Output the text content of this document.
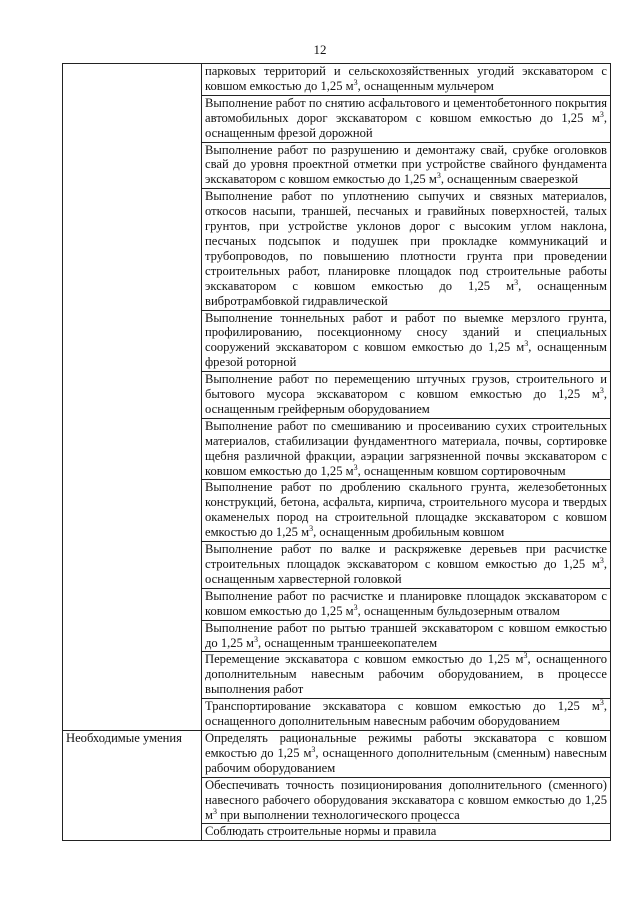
12

	парковых территорий и сельскохозяйственных угодий экскаватором с ковшом емкостью до 1,25 $м^3$, оснащенным мульчером

	Выполнение работ по снятию асфальтового и цементобетонного покрытия автомобильных дорог экскаватором с ковшом емкостью до 1,25 $м^3$, оснащенным фрезой дорожной

	Выполнение работ по разрушению и демонтажу свай, срубке оголовков свай до уровня проектной отметки при устройстве свайного фундамента экскаватором с ковшом емкостью до 1,25 $м^3$, оснащенным сваерезкой

	Выполнение работ по уплотнению сыпучих и связных материалов, откосов насыпи, траншей, песчаных и гравийных поверхностей, талых грунтов, при устройстве уклонов дорог с высоким углом наклона, песчаных подсыпок и подушек при прокладке коммуникаций и трубопроводов, по повышению плотности грунта при проведении строительных работ, планировке площадок под строительные работы экскаватором с ковшом емкостью до 1,25 $м^3$, оснащенным вибротрамбовкой гидравлической

	Выполнение тоннельных работ и работ по выемке мерзлого грунта, профилированию, посекционному сносу зданий и специальных сооружений экскаватором с ковшом емкостью до 1,25 $м^3$, оснащенным фрезой роторной

	Выполнение работ по перемещению штучных грузов, строительного и бытового мусора экскаватором с ковшом емкостью до 1,25 $м^3$, оснащенным грейферным оборудованием

	Выполнение работ по смешиванию и просеиванию сухих строительных материалов, стабилизации фундаментного материала, почвы, сортировке щебня различной фракции, аэрации загрязненной почвы экскаватором с ковшом емкостью до 1,25 $м^3$, оснащенным ковшом сортировочным

	Выполнение работ по дроблению скального грунта, железобетонных конструкций, бетона, асфальта, кирпича, строительного мусора и твердых окаменелых пород на строительной площадке экскаватором с ковшом емкостью до 1,25 $м^3$, оснащенным дробильным ковшом

	Выполнение работ по валке и раскряжевке деревьев при расчистке строительных площадок экскаватором с ковшом емкостью до 1,25 $м^3$, оснащенным харвестерной головкой

	Выполнение работ по расчистке и планировке площадок экскаватором с ковшом емкостью до 1,25 $м^3$, оснащенным бульдозерным отвалом

	Выполнение работ по рытью траншей экскаватором с ковшом емкостью до 1,25 $м^3$, оснащенным траншеекопателем

	Перемещение экскаватора с ковшом емкостью до 1,25 $м^3$, оснащенного дополнительным навесным рабочим оборудованием, в процессе выполнения работ

	Транспортирование экскаватора с ковшом емкостью до 1,25 $м^3$, оснащенного дополнительным навесным рабочим оборудованием

Необходимые умения	Определять рациональные режимы работы экскаватора с ковшом емкостью до 1,25 $м^3$, оснащенного дополнительным (сменным) навесным рабочим оборудованием

	Обеспечивать точность позиционирования дополнительного (сменного) навесного рабочего оборудования экскаватора с ковшом емкостью до 1,25 $м^3$ при выполнении технологического процесса

	Соблюдать строительные нормы и правила
